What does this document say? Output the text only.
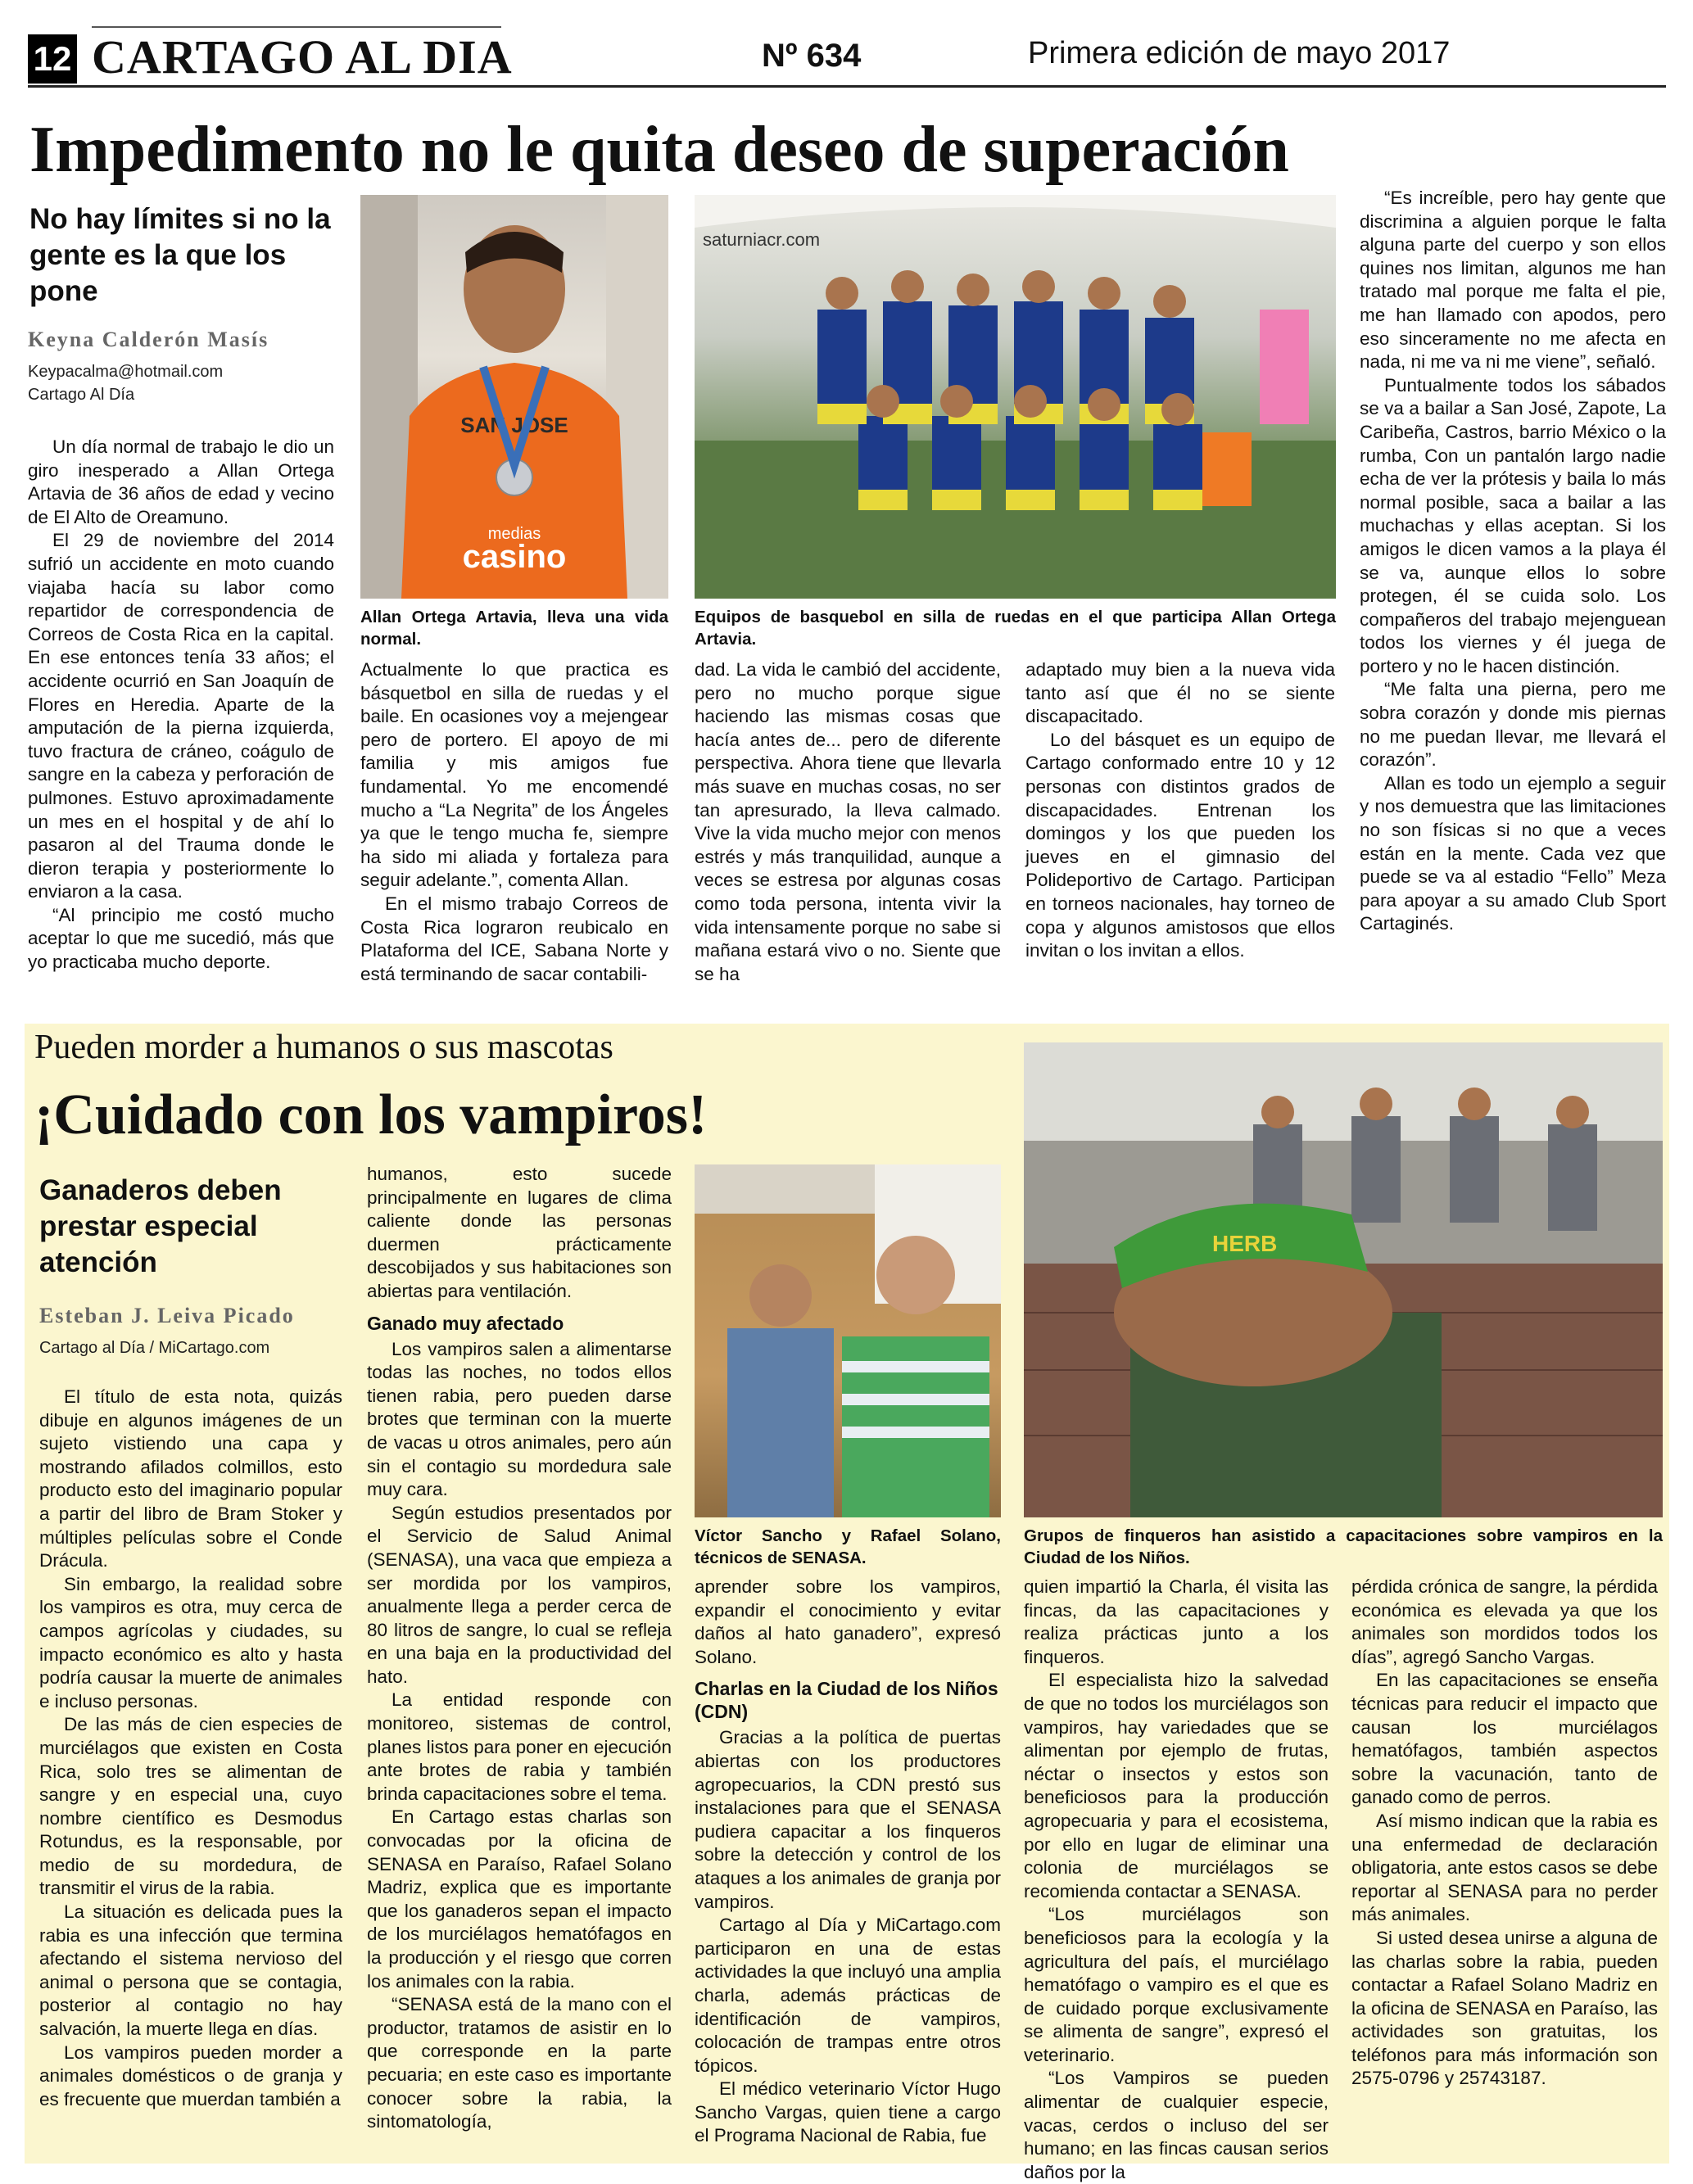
12 CARTAGO AL DIA	Nº 634	Primera edición de mayo 2017
Impedimento no le quita deseo de superación
No hay límites si no la gente es la que los pone
Keyna Calderón Masís
Keypacalma@hotmail.com
Cartago Al Día

Un día normal de trabajo le dio un giro inesperado a Allan Ortega Artavia de 36 años de edad y vecino de El Alto de Oreamuno.

El 29 de noviembre del 2014 sufrió un accidente en moto cuando viajaba hacía su labor como repartidor de correspondencia de Correos de Costa Rica en la capital. En ese entonces tenía 33 años; el accidente ocurrió en San Joaquín de Flores en Heredia. Aparte de la amputación de la pierna izquierda, tuvo fractura de cráneo, coágulo de sangre en la cabeza y perforación de pulmones. Estuvo aproximadamente un mes en el hospital y de ahí lo pasaron al del Trauma donde le dieron terapia y posteriormente lo enviaron a la casa.

“Al principio me costó mucho aceptar lo que me sucedió, más que yo practicaba mucho deporte.

SAN JOSE
medias
casino
Allan Ortega Artavia, lleva una vida normal.
saturniacr.com
Equipos de basquebol en silla de ruedas en el que participa Allan Ortega Artavia.

Actualmente lo que practica es básquetbol en silla de ruedas y el baile. En ocasiones voy a mejengear pero de portero. El apoyo de mi familia y mis amigos fue fundamental. Yo me encomendé mucho a “La Negrita” de los Ángeles ya que le tengo mucha fe, siempre ha sido mi aliada y fortaleza para seguir adelante.”, comenta Allan.

En el mismo trabajo Correos de Costa Rica lograron reubicalo en Plataforma del ICE, Sabana Norte y está terminando de sacar contabili-

dad. La vida le cambió del accidente, pero no mucho porque sigue haciendo las mismas cosas que hacía antes de... pero de diferente perspectiva. Ahora tiene que llevarla más suave en muchas cosas, no ser tan apresurado, la lleva calmado. Vive la vida mucho mejor con menos estrés y más tranquilidad, aunque a veces se estresa por algunas cosas como toda persona, intenta vivir la vida intensamente porque no sabe si mañana estará vivo o no. Siente que se ha

adaptado muy bien a la nueva vida tanto así que él no se siente discapacitado.

Lo del básquet es un equipo de Cartago conformado entre 10 y 12 personas con distintos grados de discapacidades. Entrenan los domingos y los que pueden los jueves en el gimnasio del Polideportivo de Cartago. Participan en torneos nacionales, hay torneo de copa y algunos amistosos que ellos invitan o los invitan a ellos.

“Es increíble, pero hay gente que discrimina a alguien porque le falta alguna parte del cuerpo y son ellos quines nos limitan, algunos me han tratado mal porque me falta el pie, me han llamado con apodos, pero eso sinceramente no me afecta en nada, ni me va ni me viene”, señaló.

Puntualmente todos los sábados se va a bailar a San José, Zapote, La Caribeña, Castros, barrio México o la rumba, Con un pantalón largo nadie echa de ver la prótesis y baila lo más normal posible, saca a bailar a las muchachas y ellas aceptan. Si los amigos le dicen vamos a la playa él se va, aunque ellos lo sobre protegen, él se cuida solo. Los compañeros del trabajo mejenguean todos los viernes y él juega de portero y no le hacen distinción.

“Me falta una pierna, pero me sobra corazón y donde mis piernas no me puedan llevar, me llevará el corazón”.

Allan es todo un ejemplo a seguir y nos demuestra que las limitaciones no son físicas si no que a veces están en la mente. Cada vez que puede se va al estadio “Fello” Meza para apoyar a su amado Club Sport Cartaginés.

Pueden morder a humanos o sus mascotas
¡Cuidado con los vampiros!
Ganaderos deben prestar especial atención
Esteban J. Leiva Picado
Cartago al Día / MiCartago.com

El título de esta nota, quizás dibuje en algunos imágenes de un sujeto vistiendo una capa y mostrando afilados colmillos, esto producto esto del imaginario popular a partir del libro de Bram Stoker y múltiples películas sobre el Conde Drácula.

Sin embargo, la realidad sobre los vampiros es otra, muy cerca de campos agrícolas y ciudades, su impacto económico es alto y hasta podría causar la muerte de animales e incluso personas.

De las más de cien especies de murciélagos que existen en Costa Rica, solo tres se alimentan de sangre y en especial una, cuyo nombre científico es Desmodus Rotundus, es la responsable, por medio de su mordedura, de transmitir el virus de la rabia.

La situación es delicada pues la rabia es una infección que termina afectando el sistema nervioso del animal o persona que se contagia, posterior al contagio no hay salvación, la muerte llega en días.

Los vampiros pueden morder a animales domésticos o de granja y es frecuente que muerdan también a

humanos, esto sucede principalmente en lugares de clima caliente donde las personas duermen prácticamente descobijados y sus habitaciones son abiertas para ventilación.

Ganado muy afectado

Los vampiros salen a alimentarse todas las noches, no todos ellos tienen rabia, pero pueden darse brotes que terminan con la muerte de vacas u otros animales, pero aún sin el contagio su mordedura sale muy cara.

Según estudios presentados por el Servicio de Salud Animal (SENASA), una vaca que empieza a ser mordida por los vampiros, anualmente llega a perder cerca de 80 litros de sangre, lo cual se refleja en una baja en la productividad del hato.

La entidad responde con monitoreo, sistemas de control, planes listos para poner en ejecución ante brotes de rabia y también brinda capacitaciones sobre el tema.

En Cartago estas charlas son convocadas por la oficina de SENASA en Paraíso, Rafael Solano Madriz, explica que es importante que los ganaderos sepan el impacto de los murciélagos hematófagos en la producción y el riesgo que corren los animales con la rabia.

“SENASA está de la mano con el productor, tratamos de asistir en lo que corresponde en la parte pecuaria; en este caso es importante conocer sobre la rabia, la sintomatología,

Víctor Sancho y Rafael Solano, técnicos de SENASA.
HERB
Grupos de finqueros han asistido a capacitaciones sobre vampiros en la Ciudad de los Niños.

aprender sobre los vampiros, expandir el conocimiento y evitar daños al hato ganadero”, expresó Solano.

Charlas en la Ciudad de los Niños (CDN)

Gracias a la política de puertas abiertas con los productores agropecuarios, la CDN prestó sus instalaciones para que el SENASA pudiera capacitar a los finqueros sobre la detección y control de los ataques a los animales de granja por vampiros.

Cartago al Día y MiCartago.com participaron en una de estas actividades la que incluyó una amplia charla, además prácticas de identificación de vampiros, colocación de trampas entre otros tópicos.

El médico veterinario Víctor Hugo Sancho Vargas, quien tiene a cargo el Programa Nacional de Rabia, fue

quien impartió la Charla, él visita las fincas, da las capacitaciones y realiza prácticas junto a los finqueros.

El especialista hizo la salvedad de que no todos los murciélagos son vampiros, hay variedades que se alimentan por ejemplo de frutas, néctar o insectos y estos son beneficiosos para la producción agropecuaria y para el ecosistema, por ello en lugar de eliminar una colonia de murciélagos se recomienda contactar a SENASA.

“Los murciélagos son beneficiosos para la ecología y la agricultura del país, el murciélago hematófago o vampiro es el que es de cuidado porque exclusivamente se alimenta de sangre”, expresó el veterinario.

“Los Vampiros se pueden alimentar de cualquier especie, vacas, cerdos o incluso del ser humano; en las fincas causan serios daños por la

pérdida crónica de sangre, la pérdida económica es elevada ya que los animales son mordidos todos los días”, agregó Sancho Vargas.

En las capacitaciones se enseña técnicas para reducir el impacto que causan los murciélagos hematófagos, también aspectos sobre la vacunación, tanto de ganado como de perros.

Así mismo indican que la rabia es una enfermedad de declaración obligatoria, ante estos casos se debe reportar al SENASA para no perder más animales.

Si usted desea unirse a alguna de las charlas sobre la rabia, pueden contactar a Rafael Solano Madriz en la oficina de SENASA en Paraíso, las actividades son gratuitas, los teléfonos para más información son 2575-0796 y 25743187.
